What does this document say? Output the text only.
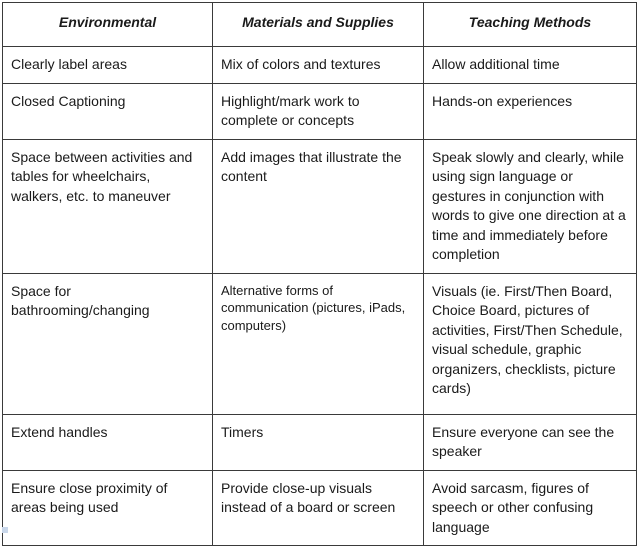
Environmental	Materials and Supplies	Teaching Methods
Clearly label areas	Mix of colors and textures	Allow additional time
Closed Captioning	Highlight/mark work to complete or concepts	Hands-on experiences
Space between activities and tables for wheelchairs, walkers, etc. to maneuver	Add images that illustrate the content	Speak slowly and clearly, while using sign language or gestures in conjunction with words to give one direction at a time and immediately before completion
Space for bathrooming/changing	Alternative forms of communication (pictures, iPads, computers)	Visuals (ie. First/Then Board, Choice Board, pictures of activities, First/Then Schedule, visual schedule, graphic organizers, checklists, picture cards)
Extend handles	Timers	Ensure everyone can see the speaker
Ensure close proximity of areas being used	Provide close-up visuals instead of a board or screen	Avoid sarcasm, figures of speech or other confusing language
